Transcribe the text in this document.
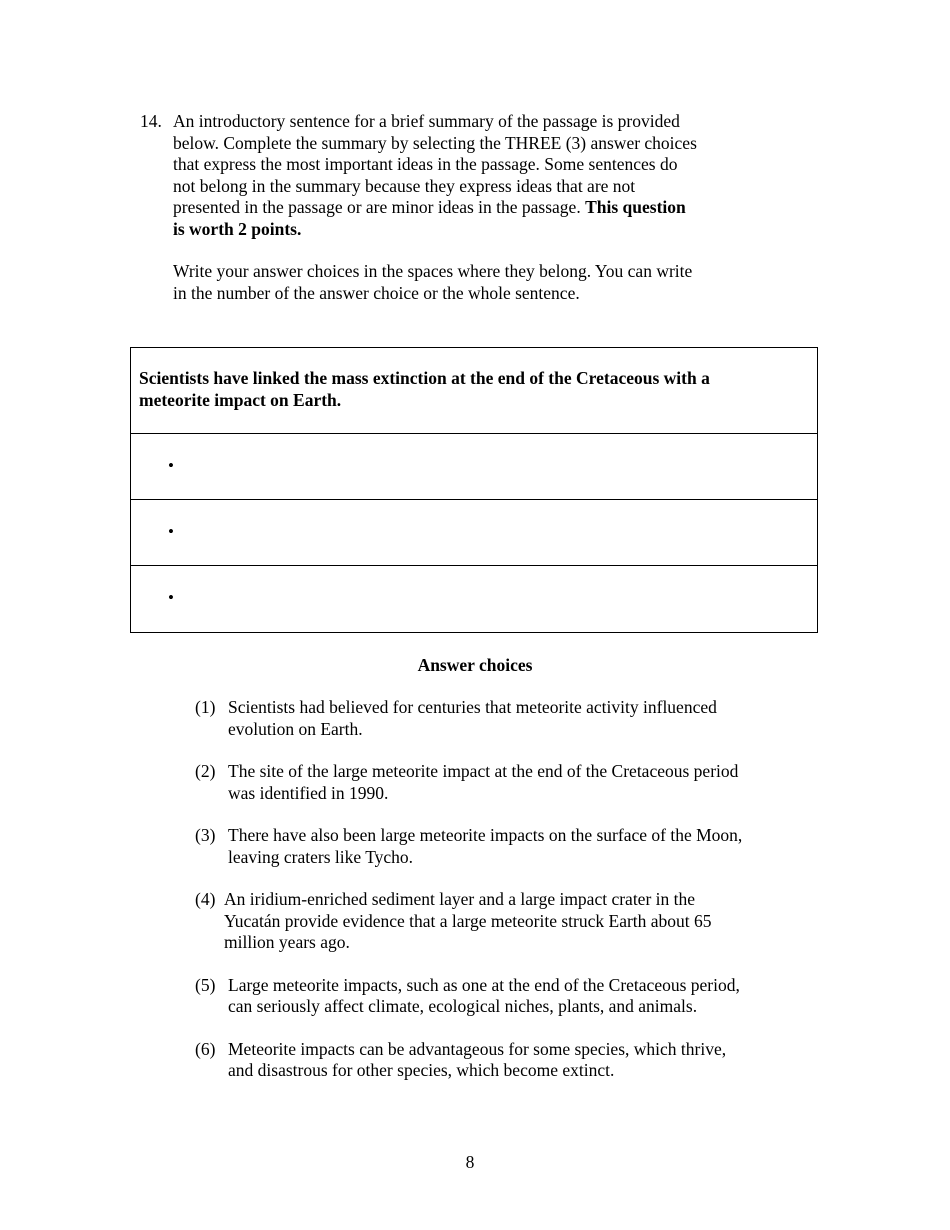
14. An introductory sentence for a brief summary of the passage is provided below. Complete the summary by selecting the THREE (3) answer choices that express the most important ideas in the passage. Some sentences do not belong in the summary because they express ideas that are not presented in the passage or are minor ideas in the passage. This question is worth 2 points.

Write your answer choices in the spaces where they belong. You can write in the number of the answer choice or the whole sentence.

Scientists have linked the mass extinction at the end of the Cretaceous with a meteorite impact on Earth.
•
•
•
Answer choices
(1) Scientists had believed for centuries that meteorite activity influenced evolution on Earth.
(2) The site of the large meteorite impact at the end of the Cretaceous period was identified in 1990.
(3) There have also been large meteorite impacts on the surface of the Moon, leaving craters like Tycho.
(4) An iridium-enriched sediment layer and a large impact crater in the Yucatán provide evidence that a large meteorite struck Earth about 65 million years ago.
(5) Large meteorite impacts, such as one at the end of the Cretaceous period, can seriously affect climate, ecological niches, plants, and animals.
(6) Meteorite impacts can be advantageous for some species, which thrive, and disastrous for other species, which become extinct.
8
